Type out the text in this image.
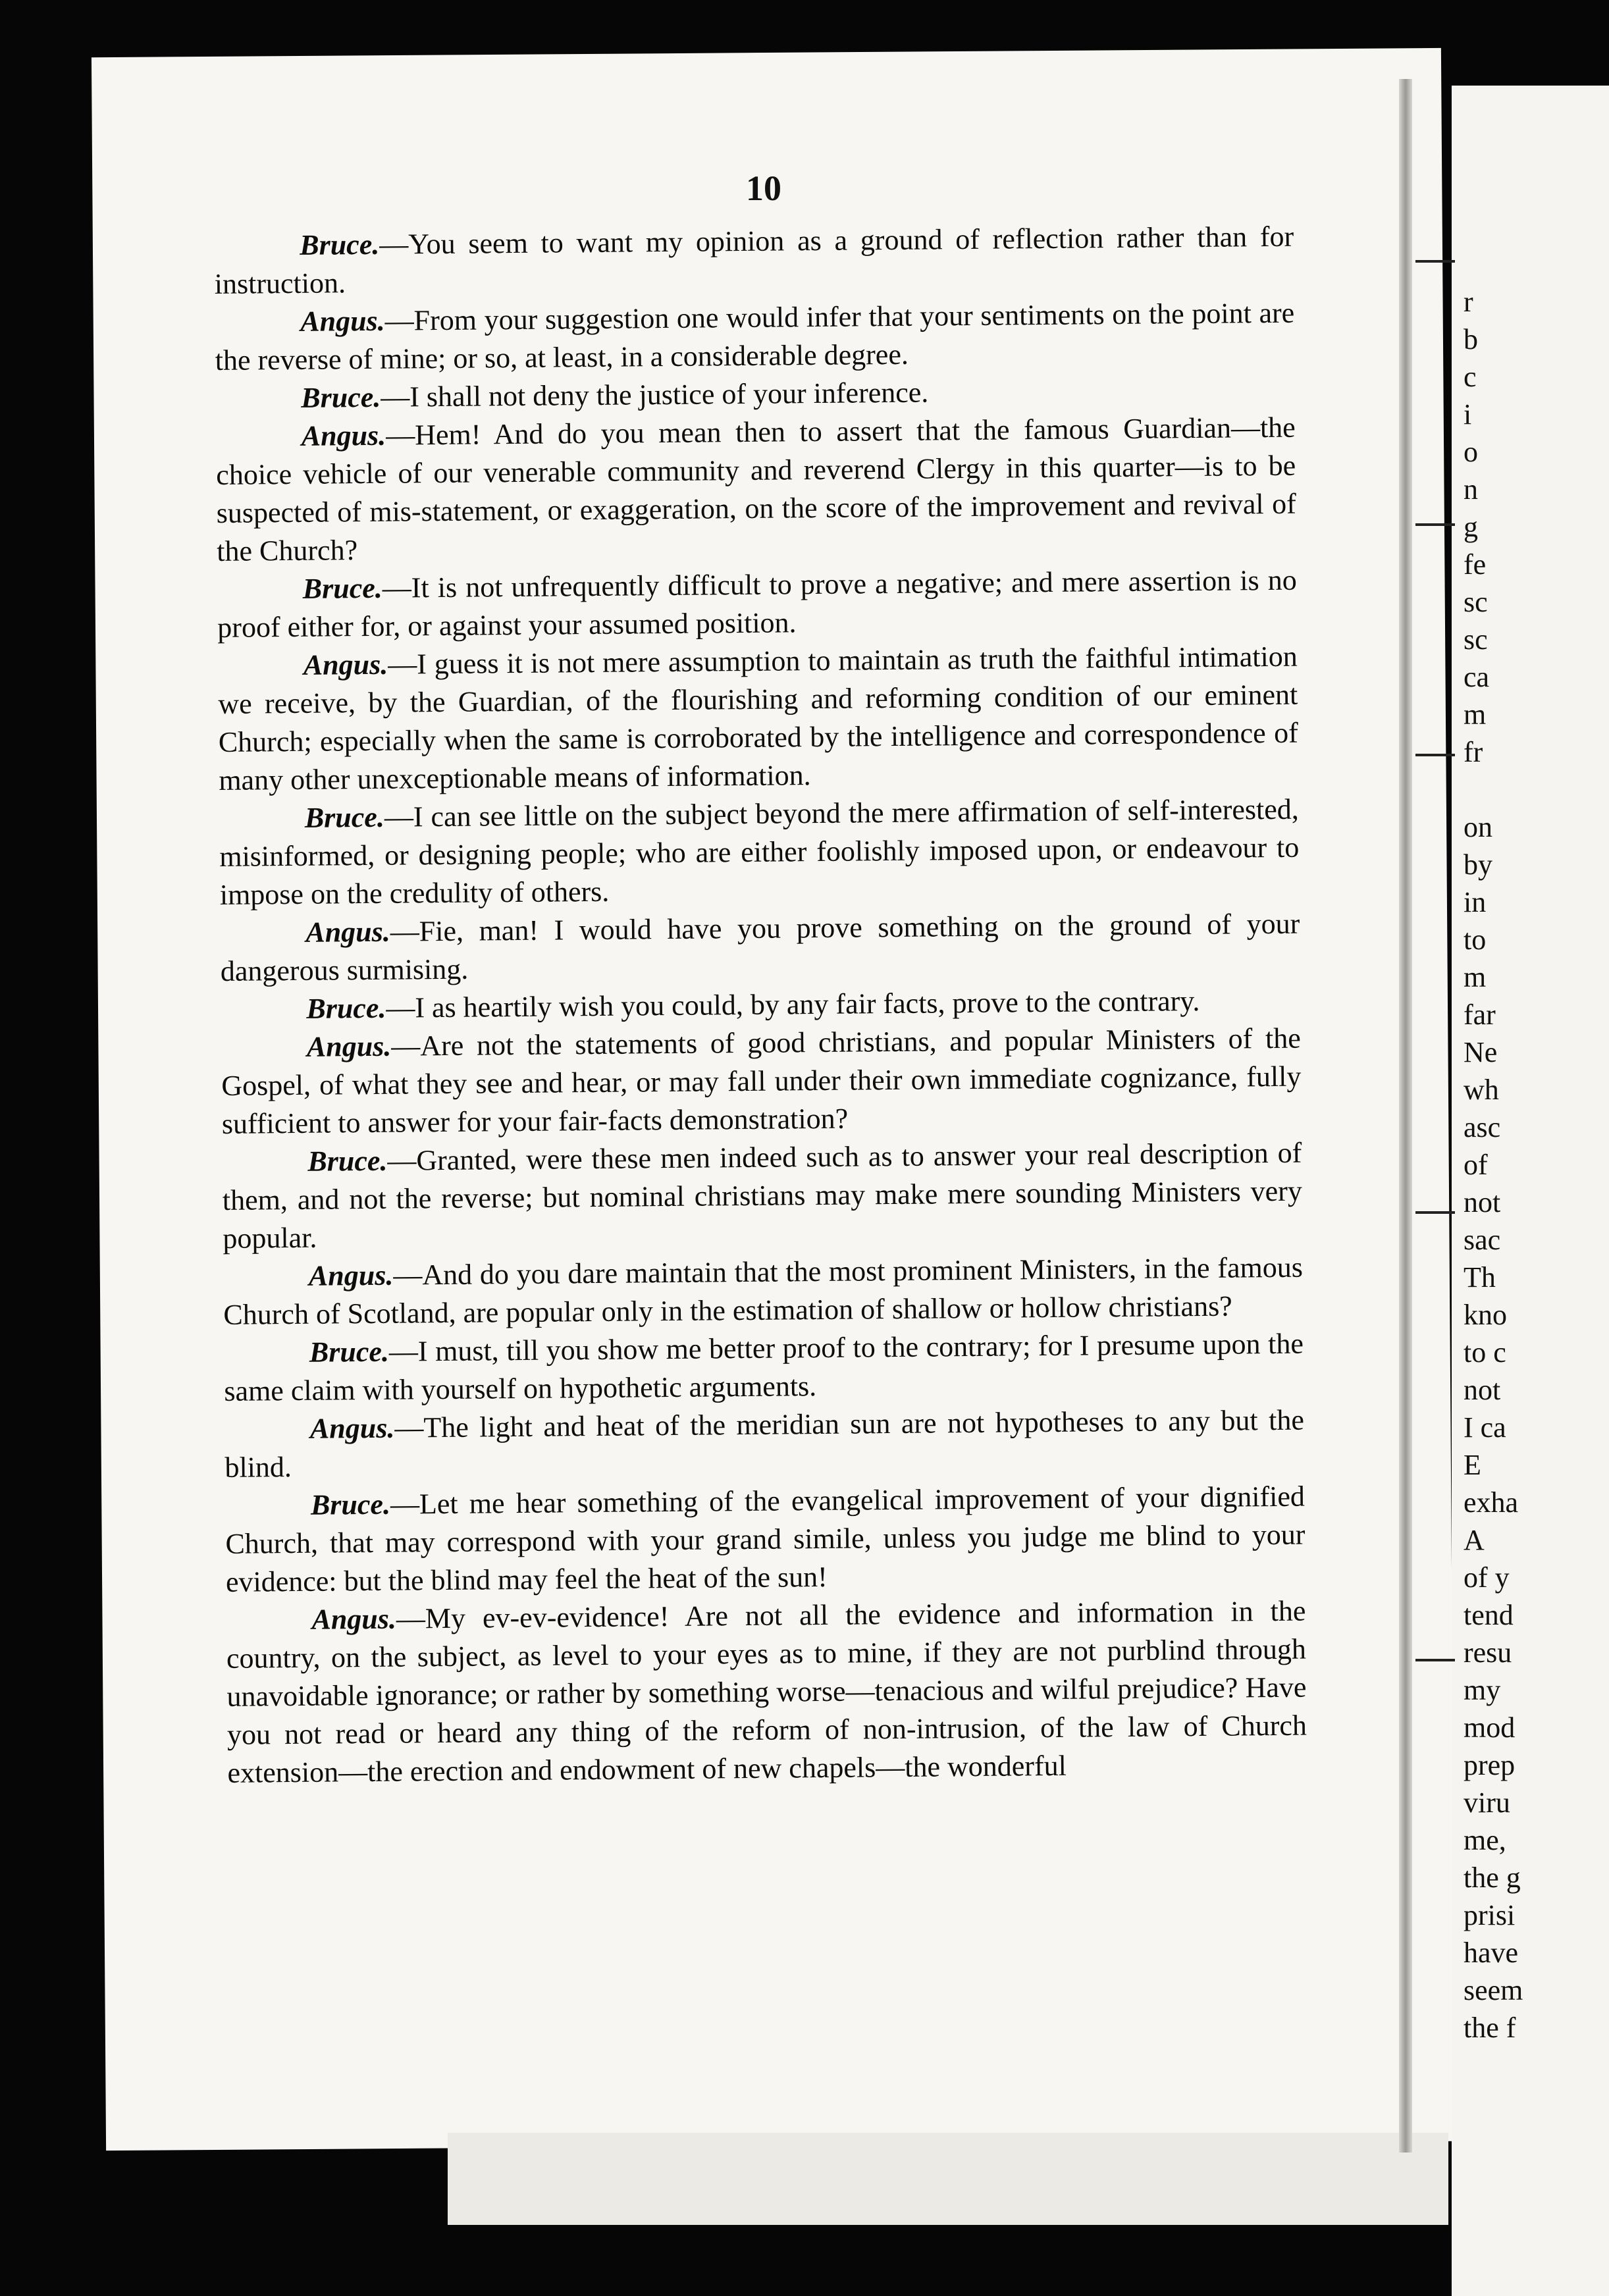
r
b
c
i
o
n
g
fe
sc
sc
ca
m
fr
on
by
in
to
m
far
Ne
wh
asc
of
not
sac
Th
kno
to c
not
I ca
E
exha
A
of y
tend
resu
my
mod
prep
viru
me,
the g
prisi
have
seem
the f
10

Bruce.—You seem to want my opinion as a ground of reflection rather than for instruction.

Angus.—From your suggestion one would infer that your sentiments on the point are the reverse of mine; or so, at least, in a considerable degree.

Bruce.—I shall not deny the justice of your inference.

Angus.—Hem! And do you mean then to assert that the famous Guardian—the choice vehicle of our venerable community and reverend Clergy in this quarter—is to be suspected of mis-statement, or exaggeration, on the score of the improvement and revival of the Church?

Bruce.—It is not unfrequently difficult to prove a negative; and mere assertion is no proof either for, or against your assumed position.

Angus.—I guess it is not mere assumption to maintain as truth the faithful intimation we receive, by the Guardian, of the flourishing and reforming condition of our eminent Church; especially when the same is corroborated by the intelligence and correspondence of many other unexceptionable means of information.

Bruce.—I can see little on the subject beyond the mere affirmation of self-interested, misinformed, or designing people; who are either foolishly imposed upon, or endeavour to impose on the credulity of others.

Angus.—Fie, man! I would have you prove something on the ground of your dangerous surmising.

Bruce.—I as heartily wish you could, by any fair facts, prove to the contrary.

Angus.—Are not the statements of good christians, and popular Ministers of the Gospel, of what they see and hear, or may fall under their own immediate cognizance, fully sufficient to answer for your fair-facts demonstration?

Bruce.—Granted, were these men indeed such as to answer your real description of them, and not the reverse; but nominal christians may make mere sounding Ministers very popular.

Angus.—And do you dare maintain that the most prominent Ministers, in the famous Church of Scotland, are popular only in the estimation of shallow or hollow christians?

Bruce.—I must, till you show me better proof to the contrary; for I presume upon the same claim with yourself on hypothetic arguments.

Angus.—The light and heat of the meridian sun are not hypotheses to any but the blind.

Bruce.—Let me hear something of the evangelical improvement of your dignified Church, that may correspond with your grand simile, unless you judge me blind to your evidence: but the blind may feel the heat of the sun!

Angus.—My ev-ev-evidence! Are not all the evidence and information in the country, on the subject, as level to your eyes as to mine, if they are not purblind through unavoidable ignorance; or rather by something worse—tenacious and wilful prejudice? Have you not read or heard any thing of the reform of non-intrusion, of the law of Church extension—the erection and endowment of new chapels—the wonderful
